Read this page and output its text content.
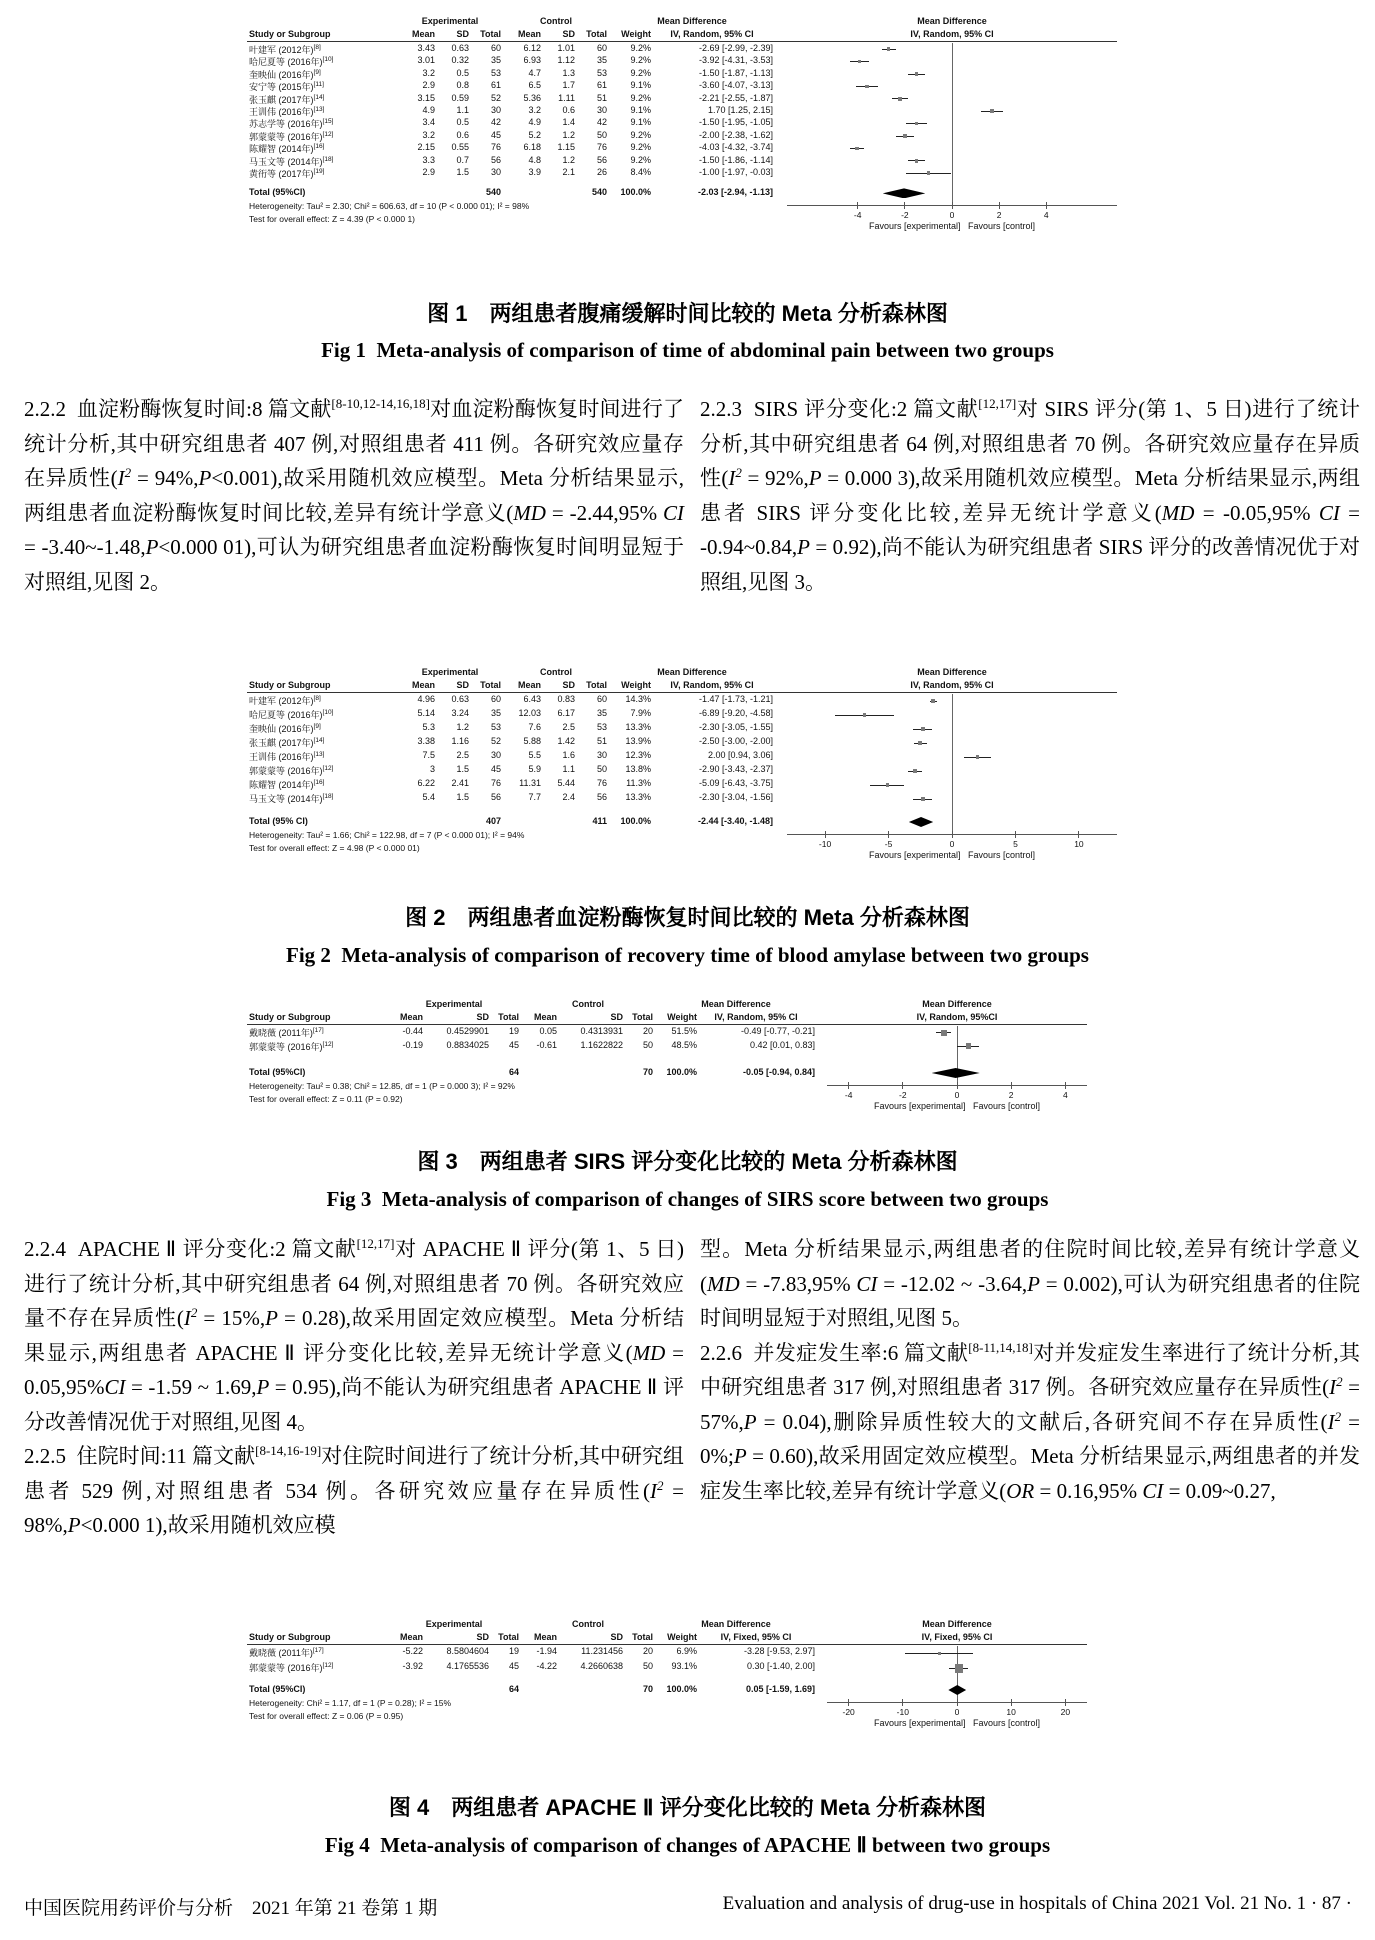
Experimental	Control	Mean Difference	Mean Difference
Study or Subgroup	Mean	SD	Total	Mean	SD	Total	Weight	IV, Random, 95% CI	IV, Random, 95% CI
叶建军 (2012年)[8]	3.43	0.63	60	6.12	1.01	60	9.2%	-2.69 [-2.99, -2.39]
哈尼夏等 (2016年)[10]	3.01	0.32	35	6.93	1.12	35	9.2%	-3.92 [-4.31, -3.53]
奎映仙 (2016年)[9]	3.2	0.5	53	4.7	1.3	53	9.2%	-1.50 [-1.87, -1.13]
安宁等 (2015年)[11]	2.9	0.8	61	6.5	1.7	61	9.1%	-3.60 [-4.07, -3.13]
张玉麒 (2017年)[14]	3.15	0.59	52	5.36	1.11	51	9.2%	-2.21 [-2.55, -1.87]
王训伟 (2016年)[13]	4.9	1.1	30	3.2	0.6	30	9.1%	1.70 [1.25, 2.15]
苏志学等 (2016年)[15]	3.4	0.5	42	4.9	1.4	42	9.1%	-1.50 [-1.95, -1.05]
郭蒙蒙等 (2016年)[12]	3.2	0.6	45	5.2	1.2	50	9.2%	-2.00 [-2.38, -1.62]
陈耀智 (2014年)[16]	2.15	0.55	76	6.18	1.15	76	9.2%	-4.03 [-4.32, -3.74]
马玉文等 (2014年)[18]	3.3	0.7	56	4.8	1.2	56	9.2%	-1.50 [-1.86, -1.14]
黄衎等 (2017年)[19]	2.9	1.5	30	3.9	2.1	26	8.4%	-1.00 [-1.97, -0.03]
Total (95%CI)	540	540	100.0%	-2.03 [-2.94, -1.13]
Heterogeneity: Tau² = 2.30; Chi² = 606.63, df = 10 (P < 0.000 01); I² = 98%
Test for overall effect: Z = 4.39 (P < 0.000 1)	-4	-2	0	2	4
Favours [experimental]   Favours [control]
图 1　两组患者腹痛缓解时间比较的 Meta 分析森林图
Fig 1  Meta-analysis of comparison of time of abdominal pain between two groups

2.2.2  血淀粉酶恢复时间:8 篇文献[8-10,12-14,16,18]对血淀粉酶恢复时间进行了统计分析,其中研究组患者 407 例,对照组患者 411 例。各研究效应量存在异质性$(I^2 = 94\%,P<0.001)$,故采用随机效应模型。Meta 分析结果显示,两组患者血淀粉酶恢复时间比较,差异有统计学意义(MD = -2.44,95% CI = -3.40~-1.48,P<0.000 01),可认为研究组患者血淀粉酶恢复时间明显短于对照组,见图 2。

2.2.3  SIRS 评分变化:2 篇文献[12,17]对 SIRS 评分(第 1、5 日)进行了统计分析,其中研究组患者 64 例,对照组患者 70 例。各研究效应量存在异质性($I^2 = 92\%,P = 0.000$ 3),故采用随机效应模型。Meta 分析结果显示,两组患者 SIRS 评分变化比较,差异无统计学意义(MD = -0.05,95% CI = -0.94~0.84,P = 0.92),尚不能认为研究组患者 SIRS 评分的改善情况优于对照组,见图 3。

Experimental	Control	Mean Difference	Mean Difference
Study or Subgroup	Mean	SD	Total	Mean	SD	Total	Weight	IV, Random, 95% CI	IV, Random, 95% CI
叶建军 (2012年)[8]	4.96	0.63	60	6.43	0.83	60	14.3%	-1.47 [-1.73, -1.21]
哈尼夏等 (2016年)[10]	5.14	3.24	35	12.03	6.17	35	7.9%	-6.89 [-9.20, -4.58]
奎映仙 (2016年)[9]	5.3	1.2	53	7.6	2.5	53	13.3%	-2.30 [-3.05, -1.55]
张玉麒 (2017年)[14]	3.38	1.16	52	5.88	1.42	51	13.9%	-2.50 [-3.00, -2.00]
王训伟 (2016年)[13]	7.5	2.5	30	5.5	1.6	30	12.3%	2.00 [0.94, 3.06]
郭蒙蒙等 (2016年)[12]	3	1.5	45	5.9	1.1	50	13.8%	-2.90 [-3.43, -2.37]
陈耀智 (2014年)[16]	6.22	2.41	76	11.31	5.44	76	11.3%	-5.09 [-6.43, -3.75]
马玉文等 (2014年)[18]	5.4	1.5	56	7.7	2.4	56	13.3%	-2.30 [-3.04, -1.56]
Total (95% CI)	407	411	100.0%	-2.44 [-3.40, -1.48]
Heterogeneity: Tau² = 1.66; Chi² = 122.98, df = 7 (P < 0.000 01); I² = 94%
Test for overall effect: Z = 4.98 (P < 0.000 01)	-10	-5	0	5	10
Favours [experimental]   Favours [control]
图 2　两组患者血淀粉酶恢复时间比较的 Meta 分析森林图
Fig 2  Meta-analysis of comparison of recovery time of blood amylase between two groups
Experimental	Control	Mean Difference	Mean Difference
Study or Subgroup	Mean	SD	Total	Mean	SD	Total	Weight	IV, Random, 95% CI	IV, Random, 95%CI
戴晓薇 (2011年)[17]	-0.44	0.4529901	19	0.05	0.4313931	20	51.5%	-0.49 [-0.77, -0.21]
郭蒙蒙等 (2016年)[12]	-0.19	0.8834025	45	-0.61	1.1622822	50	48.5%	0.42 [0.01, 0.83]
Total (95%CI)	64	70	100.0%	-0.05 [-0.94, 0.84]
Heterogeneity: Tau² = 0.38; Chi² = 12.85, df = 1 (P = 0.000 3); I² = 92%
Test for overall effect: Z = 0.11 (P = 0.92)	-4	-2	0	2	4
Favours [experimental]   Favours [control]
图 3　两组患者 SIRS 评分变化比较的 Meta 分析森林图
Fig 3  Meta-analysis of comparison of changes of SIRS score between two groups

2.2.4  APACHE Ⅱ 评分变化:2 篇文献[12,17]对 APACHE Ⅱ 评分(第 1、5 日)进行了统计分析,其中研究组患者 64 例,对照组患者 70 例。各研究效应量不存在异质性$(I^2 = 15\%,P = 0.28)$,故采用固定效应模型。Meta 分析结果显示,两组患者 APACHE Ⅱ 评分变化比较,差异无统计学意义(MD = 0.05,95%CI = -1.59 ~ 1.69,P = 0.95),尚不能认为研究组患者 APACHE Ⅱ 评分改善情况优于对照组,见图 4。

2.2.5  住院时间:11 篇文献[8-14,16-19]对住院时间进行了统计分析,其中研究组患者 529 例,对照组患者 534 例。各研究效应量存在异质性($I^2 = 98\%,P<0.000$ 1),故采用随机效应模

型。Meta 分析结果显示,两组患者的住院时间比较,差异有统计学意义(MD = -7.83,95% CI = -12.02 ~ -3.64,P = 0.002),可认为研究组患者的住院时间明显短于对照组,见图 5。

2.2.6  并发症发生率:6 篇文献[8-11,14,18]对并发症发生率进行了统计分析,其中研究组患者 317 例,对照组患者 317 例。各研究效应量存在异质性$(I^2 = 57\%,P = 0.04)$,删除异质性较大的文献后,各研究间不存在异质性($I^2$ = 0%;P = 0.60),故采用固定效应模型。Meta 分析结果显示,两组患者的并发症发生率比较,差异有统计学意义(OR = 0.16,95% CI = 0.09~0.27,

Experimental	Control	Mean Difference	Mean Difference
Study or Subgroup	Mean	SD	Total	Mean	SD	Total	Weight	IV, Fixed, 95% CI	IV, Fixed, 95% CI
戴晓薇 (2011年)[17]	-5.22	8.5804604	19	-1.94	11.231456	20	6.9%	-3.28 [-9.53, 2.97]
郭蒙蒙等 (2016年)[12]	-3.92	4.1765536	45	-4.22	4.2660638	50	93.1%	0.30 [-1.40, 2.00]
Total (95%CI)	64	70	100.0%	0.05 [-1.59, 1.69]
Heterogeneity: Chi² = 1.17, df = 1 (P = 0.28); I² = 15%
Test for overall effect: Z = 0.06 (P = 0.95)	-20	-10	0	10	20
Favours [experimental]   Favours [control]
图 4　两组患者 APACHE Ⅱ 评分变化比较的 Meta 分析森林图
Fig 4  Meta-analysis of comparison of changes of APACHE Ⅱ between two groups
中国医院用药评价与分析　2021 年第 21 卷第 1 期	Evaluation and analysis of drug-use in hospitals of China 2021 Vol. 21 No. 1 · 87 ·
